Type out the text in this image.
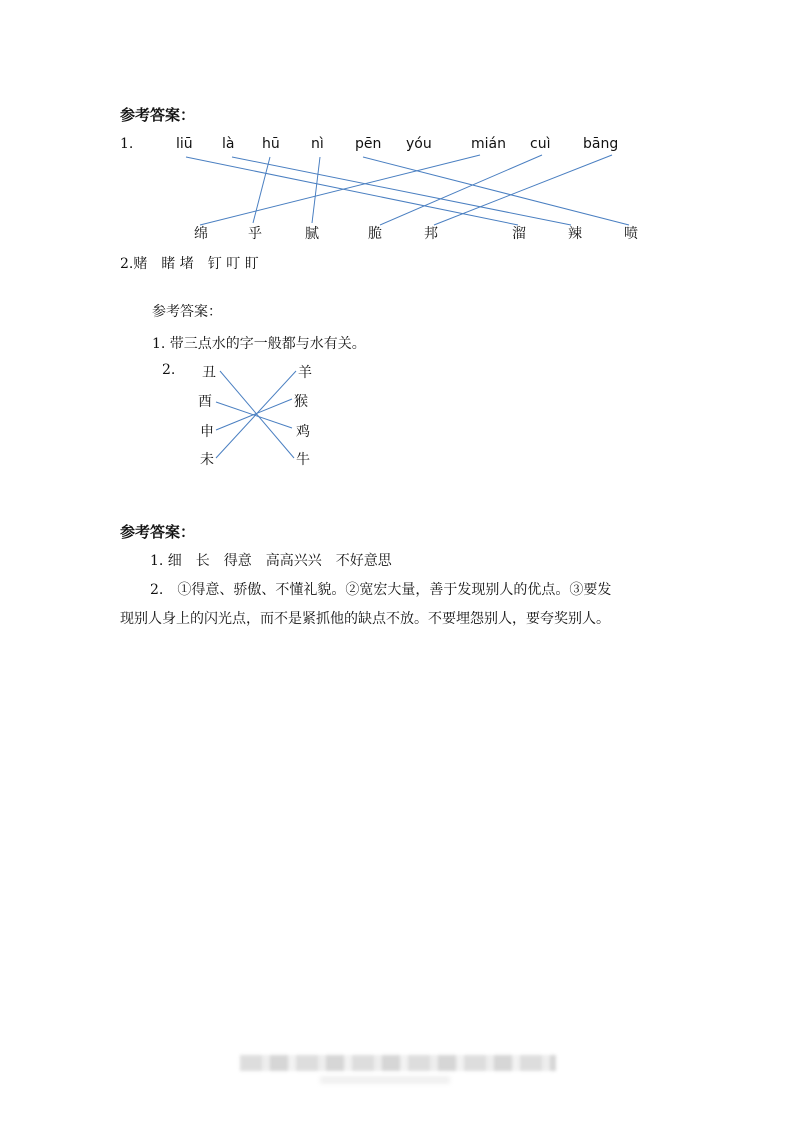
参考答案：
1.	liū là hū nì pēn yóu	mián cuì bāng
绵	乎	腻	脆	邦	溜	辣	喷
2.赌　睹 堵　钉 叮 盯
参考答案：
1. 带三点水的字一般都与水有关。
2. 丑
酉
申
未
羊
猴
鸡
牛
参考答案：
1. 细　长　得意　高高兴兴　不好意思
2.　①得意、骄傲、不懂礼貌。②宽宏大量，善于发现别人的优点。③要发
现别人身上的闪光点，而不是紧抓他的缺点不放。不要埋怨别人，要夸奖别人。
